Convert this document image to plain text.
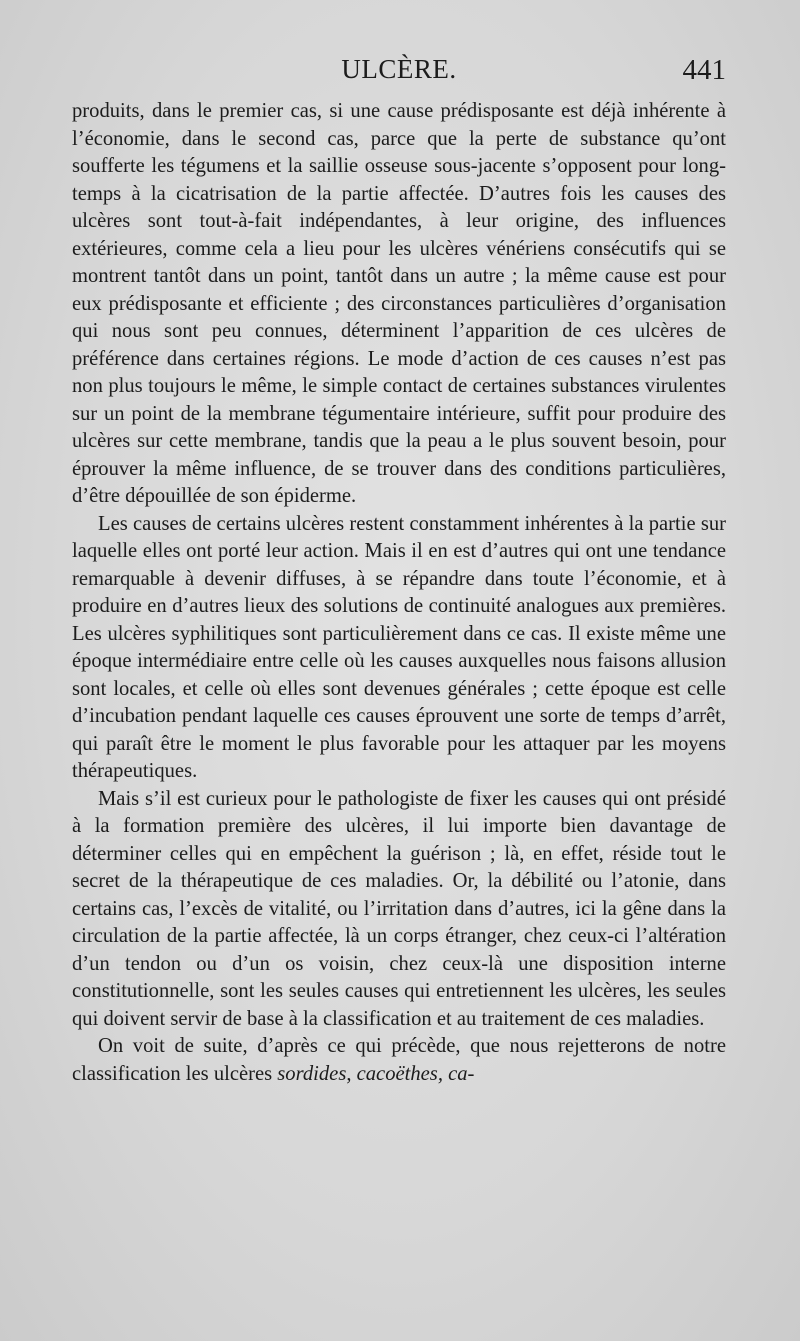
ULCÈRE.	441

produits, dans le premier cas, si une cause prédisposante est déjà inhérente à l’économie, dans le second cas, parce que la perte de substance qu’ont soufferte les tégumens et la saillie osseuse sous-jacente s’opposent pour long-temps à la cicatrisation de la partie affectée. D’autres fois les causes des ulcères sont tout-à-fait indépendantes, à leur origine, des influences extérieures, comme cela a lieu pour les ulcères vénériens consécutifs qui se montrent tantôt dans un point, tantôt dans un autre ; la même cause est pour eux prédisposante et efficiente ; des circonstances particulières d’organisation qui nous sont peu connues, déterminent l’apparition de ces ulcères de préférence dans certaines régions. Le mode d’action de ces causes n’est pas non plus toujours le même, le simple contact de certaines substances virulentes sur un point de la membrane tégumentaire intérieure, suffit pour produire des ulcères sur cette membrane, tandis que la peau a le plus souvent besoin, pour éprouver la même influence, de se trouver dans des conditions particulières, d’être dépouillée de son épiderme.

Les causes de certains ulcères restent constamment inhérentes à la partie sur laquelle elles ont porté leur action. Mais il en est d’autres qui ont une tendance remarquable à devenir diffuses, à se répandre dans toute l’économie, et à produire en d’autres lieux des solutions de continuité analogues aux premières. Les ulcères syphilitiques sont particulièrement dans ce cas. Il existe même une époque intermédiaire entre celle où les causes auxquelles nous faisons allusion sont locales, et celle où elles sont devenues générales ; cette époque est celle d’incubation pendant laquelle ces causes éprouvent une sorte de temps d’arrêt, qui paraît être le moment le plus favorable pour les attaquer par les moyens thérapeutiques.

Mais s’il est curieux pour le pathologiste de fixer les causes qui ont présidé à la formation première des ulcères, il lui importe bien davantage de déterminer celles qui en empêchent la guérison ; là, en effet, réside tout le secret de la thérapeutique de ces maladies. Or, la débilité ou l’atonie, dans certains cas, l’excès de vitalité, ou l’irritation dans d’autres, ici la gêne dans la circulation de la partie affectée, là un corps étranger, chez ceux-ci l’altération d’un tendon ou d’un os voisin, chez ceux-là une disposition interne constitutionnelle, sont les seules causes qui entretiennent les ulcères, les seules qui doivent servir de base à la classification et au traitement de ces maladies.

On voit de suite, d’après ce qui précède, que nous rejetterons de notre classification les ulcères sordides, cacoëthes, ca-
